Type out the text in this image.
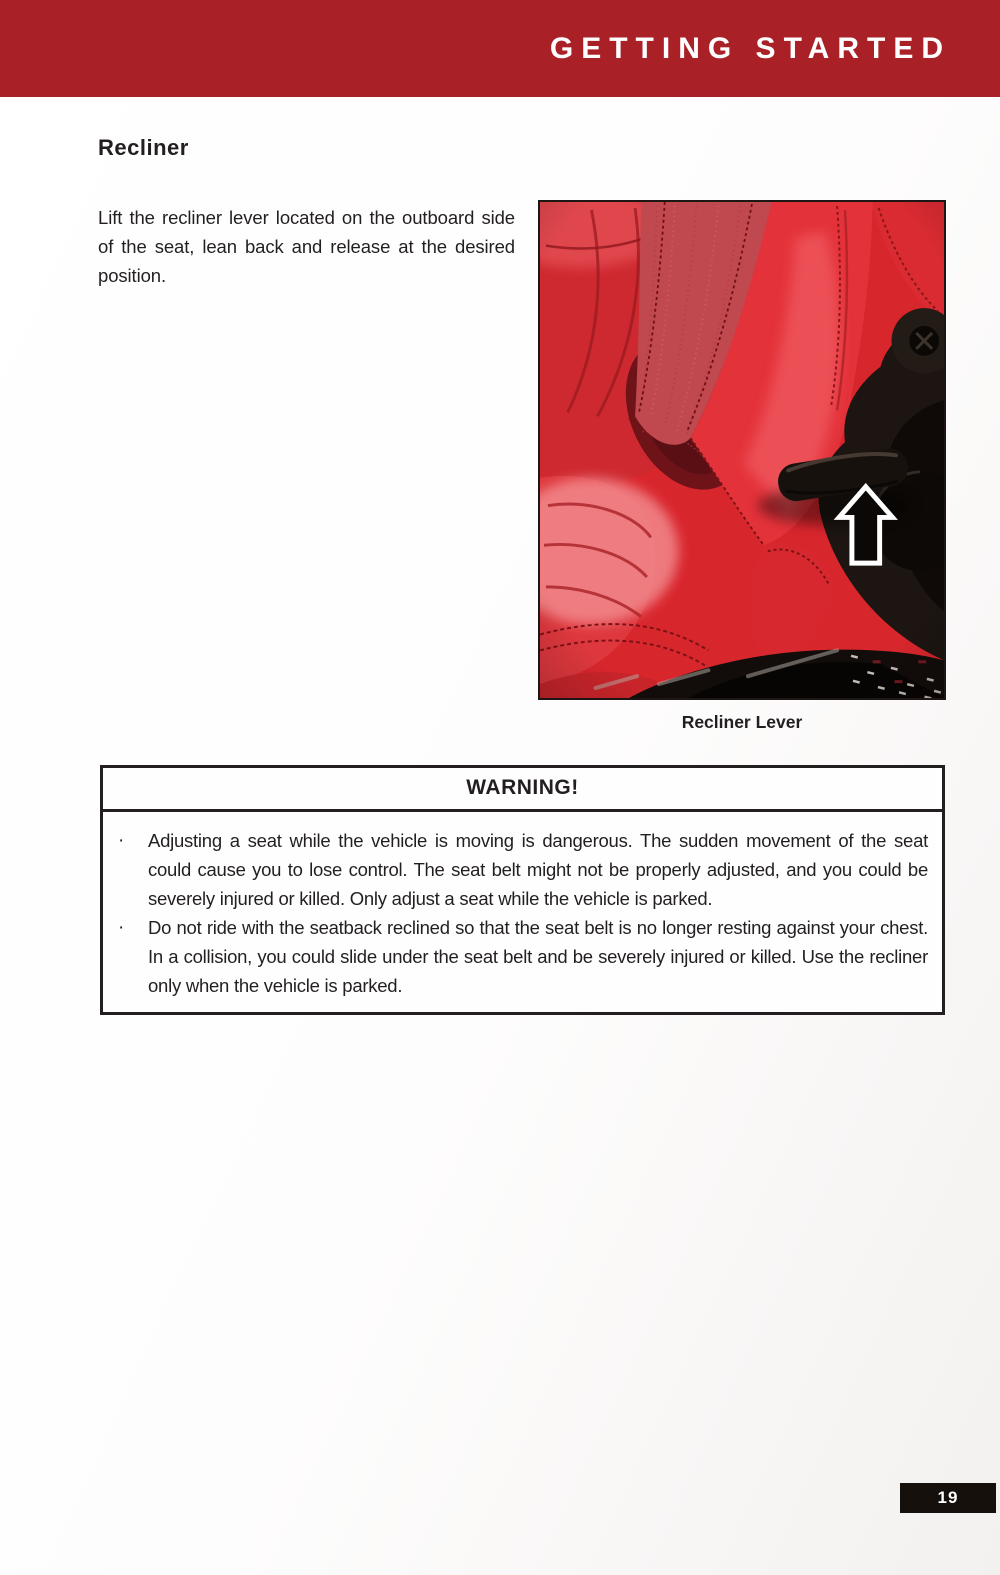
GETTING STARTED
Recliner

Lift the recliner lever located on the outboard side of the seat, lean back and release at the desired position.

Recliner Lever
WARNING!
· Adjusting a seat while the vehicle is moving is dangerous. The sudden movement of the seat could cause you to lose control. The seat belt might not be properly adjusted, and you could be severely injured or killed. Only adjust a seat while the vehicle is parked.
· Do not ride with the seatback reclined so that the seat belt is no longer resting against your chest. In a collision, you could slide under the seat belt and be severely injured or killed. Use the recliner only when the vehicle is parked.
19
